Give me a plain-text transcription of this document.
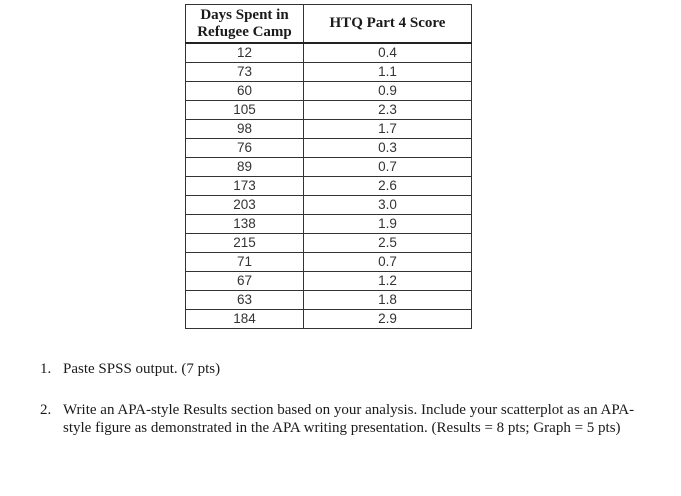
Days Spent in Refugee Camp	HTQ Part 4 Score
12	0.4
73	1.1
60	0.9
105	2.3
98	1.7
76	0.3
89	0.7
173	2.6
203	3.0
138	1.9
215	2.5
71	0.7
67	1.2
63	1.8
184	2.9
1. Paste SPSS output. (7 pts)
2. Write an APA-style Results section based on your analysis. Include your scatterplot as an APA-style figure as demonstrated in the APA writing presentation. (Results = 8 pts; Graph = 5 pts)
